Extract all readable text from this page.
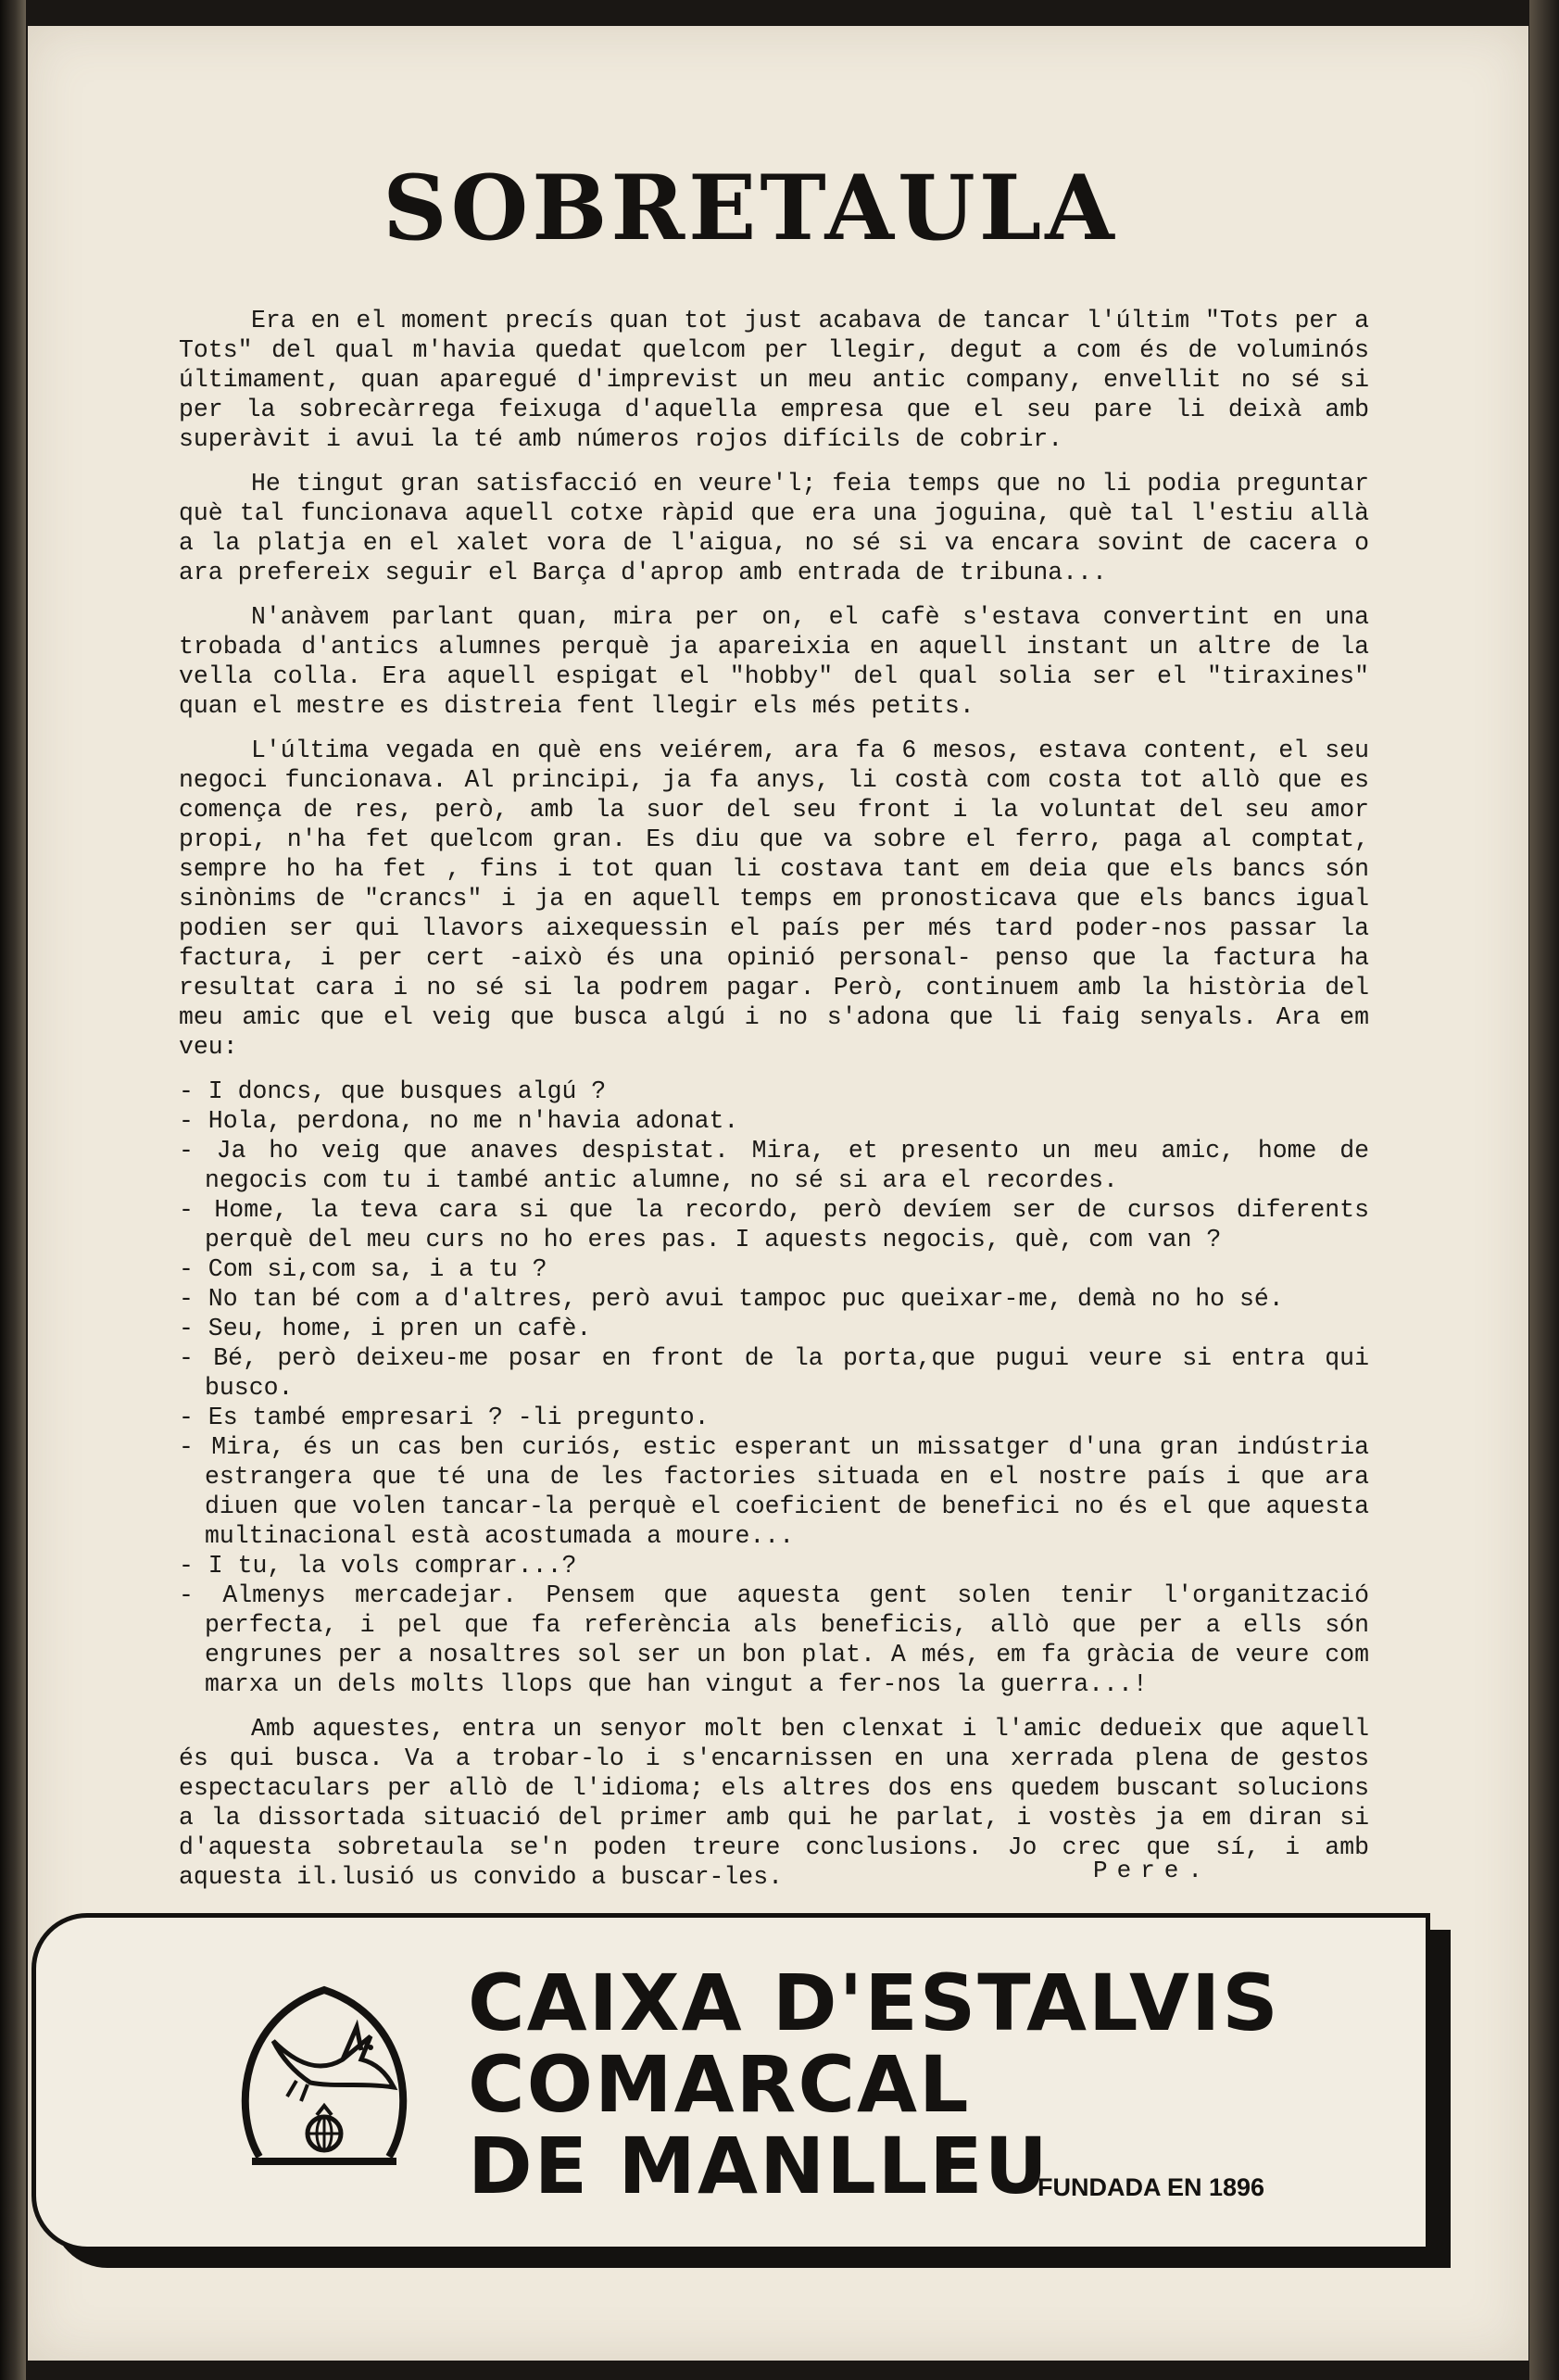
SOBRETAULA

Era en el moment precís quan tot just acabava de tancar l'últim "Tots per a Tots" del qual m'havia quedat quelcom per llegir, degut a com és de voluminós últimament, quan aparegué d'imprevist un meu antic company, envellit no sé si per la sobrecàrrega feixuga d'aquella empresa que el seu pare li deixà amb superàvit i avui la té amb números rojos difícils de cobrir.

He tingut gran satisfacció en veure'l; feia temps que no li podia preguntar què tal funcionava aquell cotxe ràpid que era una joguina, què tal l'estiu allà a la platja en el xalet vora de l'aigua, no sé si va encara sovint de cacera o ara prefereix seguir el Barça d'aprop amb entrada de tribuna...

N'anàvem parlant quan, mira per on, el cafè s'estava convertint en una trobada d'antics alumnes perquè ja apareixia en aquell instant un altre de la vella colla. Era aquell espigat el "hobby" del qual solia ser el "tiraxines" quan el mestre es distreia fent llegir els més petits.

L'última vegada en què ens veiérem, ara fa 6 mesos, estava content, el seu negoci funcionava. Al principi, ja fa anys, li costà com costa tot allò que es comença de res, però, amb la suor del seu front i la voluntat del seu amor propi, n'ha fet quelcom gran. Es diu que va sobre el ferro, paga al comptat, sempre ho ha fet , fins i tot quan li costava tant em deia que els bancs són sinònims de "crancs" i ja en aquell temps em pronosticava que els bancs igual podien ser qui llavors aixequessin el país per més tard poder-nos passar la factura, i per cert -això és una opinió personal- penso que la factura ha resultat cara i no sé si la podrem pagar. Però, continuem amb la història del meu amic que el veig que busca algú i no s'adona que li faig senyals. Ara em veu:

- I doncs, que busques algú ?
- Hola, perdona, no me n'havia adonat.
- Ja ho veig que anaves despistat. Mira, et presento un meu amic, home de negocis com tu i també antic alumne, no sé si ara el recordes.
- Home, la teva cara si que la recordo, però devíem ser de cursos diferents perquè del meu curs no ho eres pas. I aquests negocis, què, com van ?
- Com si,com sa, i a tu ?
- No tan bé com a d'altres, però avui tampoc puc queixar-me, demà no ho sé.
- Seu, home, i pren un cafè.
- Bé, però deixeu-me posar en front de la porta,que pugui veure si entra qui busco.
- Es també empresari ? -li pregunto.
- Mira, és un cas ben curiós, estic esperant un missatger d'una gran indústria estrangera que té una de les factories situada en el nostre país i que ara diuen que volen tancar-la perquè el coeficient de benefici no és el que aquesta multinacional està acostumada a moure...
- I tu, la vols comprar...?
- Almenys mercadejar. Pensem que aquesta gent solen tenir l'organització perfecta, i pel que fa referència als beneficis, allò que per a ells són engrunes per a nosaltres sol ser un bon plat. A més, em fa gràcia de veure com marxa un dels molts llops que han vingut a fer-nos la guerra...!

Amb aquestes, entra un senyor molt ben clenxat i l'amic dedueix que aquell és qui busca. Va a trobar-lo i s'encarnissen en una xerrada plena de gestos espectaculars per allò de l'idioma; els altres dos ens quedem buscant solucions a la dissortada situació del primer amb qui he parlat, i vostès ja em diran si d'aquesta sobretaula se'n poden treure conclusions. Jo crec que sí, i amb aquesta il.lusió us convido a buscar-les.	Pere.
CAIXA D'ESTALVIS
COMARCAL
DE MANLLEU
FUNDADA EN 1896
